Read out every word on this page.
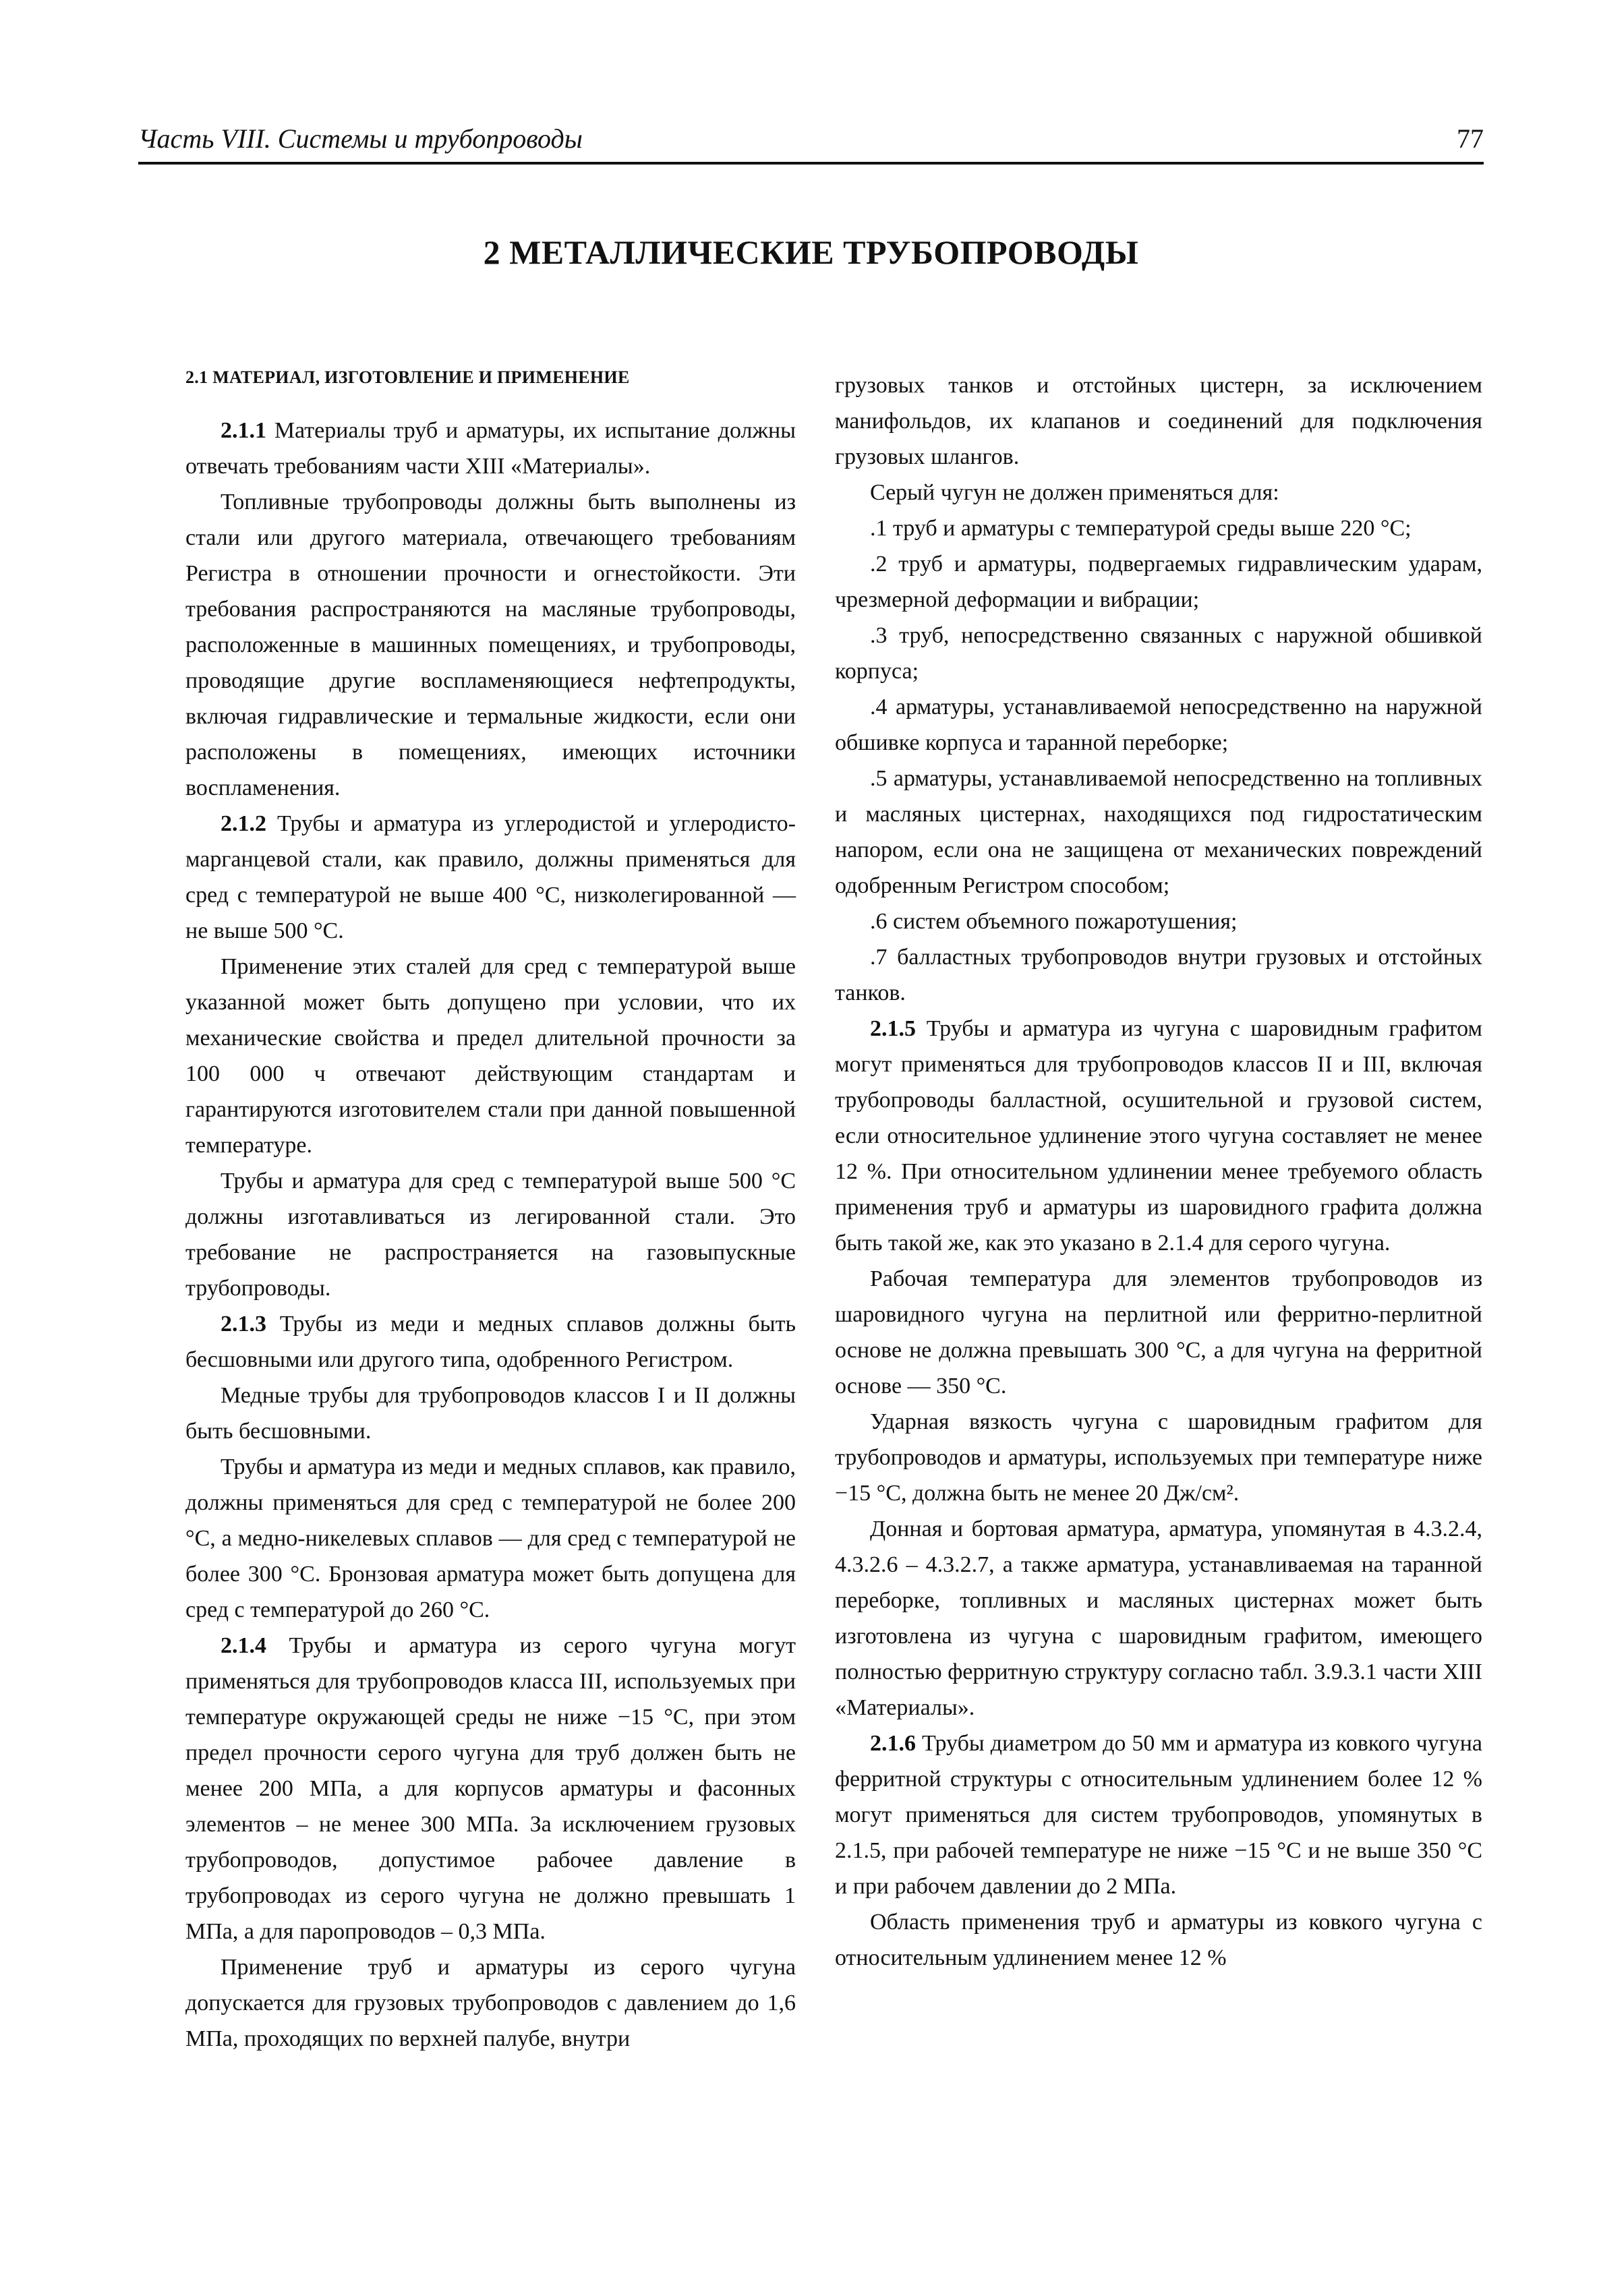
Часть VIII. Системы и трубопроводы	77
2 МЕТАЛЛИЧЕСКИЕ ТРУБОПРОВОДЫ
2.1 МАТЕРИАЛ, ИЗГОТОВЛЕНИЕ И ПРИМЕНЕНИЕ

2.1.1 Материалы труб и арматуры, их испытание должны отвечать требованиям части XIII «Материалы».

Топливные трубопроводы должны быть выполнены из стали или другого материала, отвечающего требованиям Регистра в отношении прочности и огнестойкости. Эти требования распространяются на масляные трубопроводы, расположенные в машинных помещениях, и трубопроводы, проводящие другие воспламеняющиеся нефтепродукты, включая гидравлические и термальные жидкости, если они расположены в помещениях, имеющих источники воспламенения.

2.1.2 Трубы и арматура из углеродистой и углеродисто-марганцевой стали, как правило, должны применяться для сред с температурой не выше 400 °С, низколегированной — не выше 500 °С.

Применение этих сталей для сред с температурой выше указанной может быть допущено при условии, что их механические свойства и предел длительной прочности за 100 000 ч отвечают действующим стандартам и гарантируются изготовителем стали при данной повышенной температуре.

Трубы и арматура для сред с температурой выше 500 °С должны изготавливаться из легированной стали. Это требование не распространяется на газовыпускные трубопроводы.

2.1.3 Трубы из меди и медных сплавов должны быть бесшовными или другого типа, одобренного Регистром.

Медные трубы для трубопроводов классов I и II должны быть бесшовными.

Трубы и арматура из меди и медных сплавов, как правило, должны применяться для сред с температурой не более 200 °С, а медно-никелевых сплавов — для сред с температурой не более 300 °С. Бронзовая арматура может быть допущена для сред с температурой до 260 °С.

2.1.4 Трубы и арматура из серого чугуна могут применяться для трубопроводов класса III, используемых при температуре окружающей среды не ниже −15 °С, при этом предел прочности серого чугуна для труб должен быть не менее 200 МПа, а для корпусов арматуры и фасонных элементов – не менее 300 МПа. За исключением грузовых трубопроводов, допустимое рабочее давление в трубопроводах из серого чугуна не должно превышать 1 МПа, а для паропроводов – 0,3 МПа.

Применение труб и арматуры из серого чугуна допускается для грузовых трубопроводов с давлением до 1,6 МПа, проходящих по верхней палубе, внутри

грузовых танков и отстойных цистерн, за исключением манифольдов, их клапанов и соединений для подключения грузовых шлангов.

Серый чугун не должен применяться для:

.1 труб и арматуры с температурой среды выше 220 °С;

.2 труб и арматуры, подвергаемых гидравлическим ударам, чрезмерной деформации и вибрации;

.3 труб, непосредственно связанных с наружной обшивкой корпуса;

.4 арматуры, устанавливаемой непосредственно на наружной обшивке корпуса и таранной переборке;

.5 арматуры, устанавливаемой непосредственно на топливных и масляных цистернах, находящихся под гидростатическим напором, если она не защищена от механических повреждений одобренным Регистром способом;

.6 систем объемного пожаротушения;

.7 балластных трубопроводов внутри грузовых и отстойных танков.

2.1.5 Трубы и арматура из чугуна с шаровидным графитом могут применяться для трубопроводов классов II и III, включая трубопроводы балластной, осушительной и грузовой систем, если относительное удлинение этого чугуна составляет не менее 12 %. При относительном удлинении менее требуемого область применения труб и арматуры из шаровидного графита должна быть такой же, как это указано в 2.1.4 для серого чугуна.

Рабочая температура для элементов трубопроводов из шаровидного чугуна на перлитной или ферритно-перлитной основе не должна превышать 300 °С, а для чугуна на ферритной основе — 350 °С.

Ударная вязкость чугуна с шаровидным графитом для трубопроводов и арматуры, используемых при температуре ниже −15 °С, должна быть не менее 20 Дж/см².

Донная и бортовая арматура, арматура, упомянутая в 4.3.2.4, 4.3.2.6 – 4.3.2.7, а также арматура, устанавливаемая на таранной переборке, топливных и масляных цистернах может быть изготовлена из чугуна с шаровидным графитом, имеющего полностью ферритную структуру согласно табл. 3.9.3.1 части XIII «Материалы».

2.1.6 Трубы диаметром до 50 мм и арматура из ковкого чугуна ферритной структуры с относительным удлинением более 12 % могут применяться для систем трубопроводов, упомянутых в 2.1.5, при рабочей температуре не ниже −15 °С и не выше 350 °С и при рабочем давлении до 2 МПа.

Область применения труб и арматуры из ковкого чугуна с относительным удлинением менее 12 %
